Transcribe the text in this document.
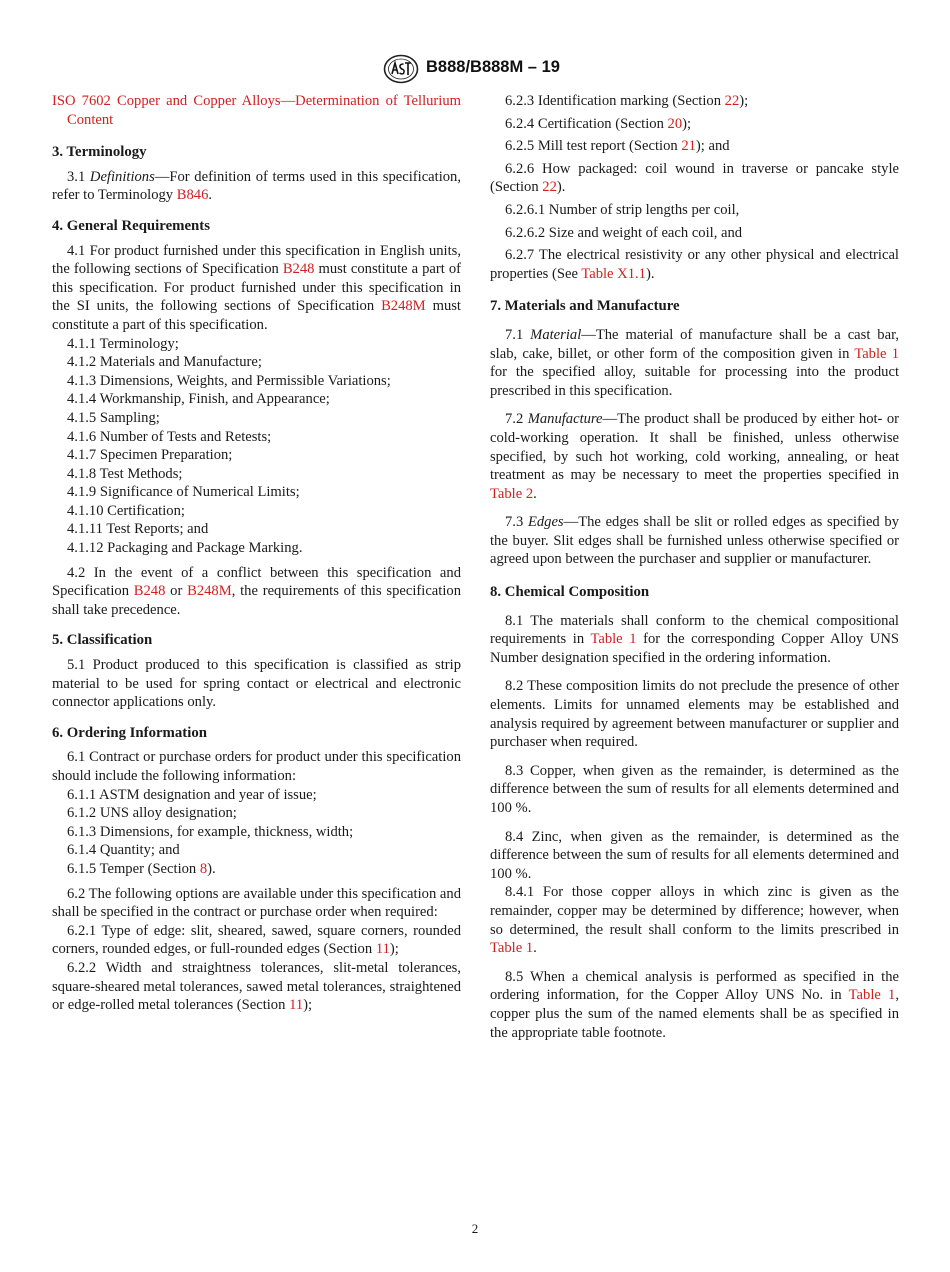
B888/B888M – 19

ISO 7602 Copper and Copper Alloys—Determination of Tellurium Content

3. Terminology

3.1 Definitions—For definition of terms used in this specification, refer to Terminology B846.

4. General Requirements

4.1 For product furnished under this specification in English units, the following sections of Specification B248 must constitute a part of this specification. For product furnished under this specification in the SI units, the following sections of Specification B248M must constitute a part of this specification.

4.1.1 Terminology;

4.1.2 Materials and Manufacture;

4.1.3 Dimensions, Weights, and Permissible Variations;

4.1.4 Workmanship, Finish, and Appearance;

4.1.5 Sampling;

4.1.6 Number of Tests and Retests;

4.1.7 Specimen Preparation;

4.1.8 Test Methods;

4.1.9 Significance of Numerical Limits;

4.1.10 Certification;

4.1.11 Test Reports; and

4.1.12 Packaging and Package Marking.

4.2 In the event of a conflict between this specification and Specification B248 or B248M, the requirements of this specification shall take precedence.

5. Classification

5.1 Product produced to this specification is classified as strip material to be used for spring contact or electrical and electronic connector applications only.

6. Ordering Information

6.1 Contract or purchase orders for product under this specification should include the following information:

6.1.1 ASTM designation and year of issue;

6.1.2 UNS alloy designation;

6.1.3 Dimensions, for example, thickness, width;

6.1.4 Quantity; and

6.1.5 Temper (Section 8).

6.2 The following options are available under this specification and shall be specified in the contract or purchase order when required:

6.2.1 Type of edge: slit, sheared, sawed, square corners, rounded corners, rounded edges, or full-rounded edges (Section 11);

6.2.2 Width and straightness tolerances, slit-metal tolerances, square-sheared metal tolerances, sawed metal tolerances, straightened or edge-rolled metal tolerances (Section 11);

6.2.3 Identification marking (Section 22);

6.2.4 Certification (Section 20);

6.2.5 Mill test report (Section 21); and

6.2.6 How packaged: coil wound in traverse or pancake style (Section 22).

6.2.6.1 Number of strip lengths per coil,

6.2.6.2 Size and weight of each coil, and

6.2.7 The electrical resistivity or any other physical and electrical properties (See Table X1.1).

7. Materials and Manufacture

7.1 Material—The material of manufacture shall be a cast bar, slab, cake, billet, or other form of the composition given in Table 1 for the specified alloy, suitable for processing into the product prescribed in this specification.

7.2 Manufacture—The product shall be produced by either hot- or cold-working operation. It shall be finished, unless otherwise specified, by such hot working, cold working, annealing, or heat treatment as may be necessary to meet the properties specified in Table 2.

7.3 Edges—The edges shall be slit or rolled edges as specified by the buyer. Slit edges shall be furnished unless otherwise specified or agreed upon between the purchaser and supplier or manufacturer.

8. Chemical Composition

8.1 The materials shall conform to the chemical compositional requirements in Table 1 for the corresponding Copper Alloy UNS Number designation specified in the ordering information.

8.2 These composition limits do not preclude the presence of other elements. Limits for unnamed elements may be established and analysis required by agreement between manufacturer or supplier and purchaser when required.

8.3 Copper, when given as the remainder, is determined as the difference between the sum of results for all elements determined and 100 %.

8.4 Zinc, when given as the remainder, is determined as the difference between the sum of results for all elements determined and 100 %.

8.4.1 For those copper alloys in which zinc is given as the remainder, copper may be determined by difference; however, when so determined, the result shall conform to the limits prescribed in Table 1.

8.5 When a chemical analysis is performed as specified in the ordering information, for the Copper Alloy UNS No. in Table 1, copper plus the sum of the named elements shall be as specified in the appropriate table footnote.

2
